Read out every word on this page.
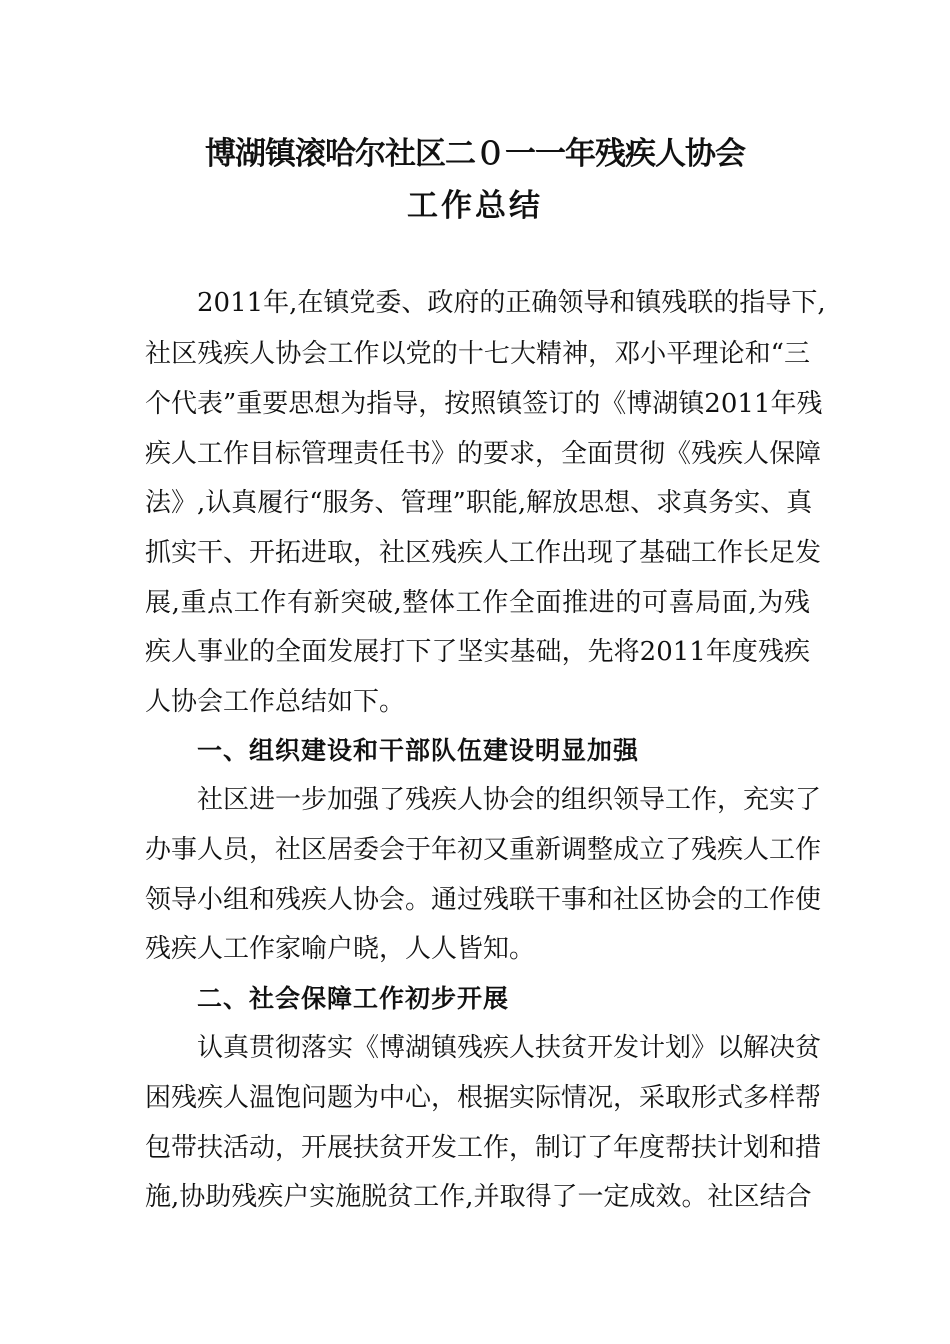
博湖镇滚哈尔社区二０一一年残疾人协会
工作总结
2011年,在镇党委、政府的正确领导和镇残联的指导下,
社区残疾人协会工作以党的十七大精神，邓小平理论和“三
个代表”重要思想为指导，按照镇签订的《博湖镇2011年残
疾人工作目标管理责任书》的要求，全面贯彻《残疾人保障
法》,认真履行“服务、管理”职能,解放思想、求真务实、真
抓实干、开拓进取，社区残疾人工作出现了基础工作长足发
展,重点工作有新突破,整体工作全面推进的可喜局面,为残
疾人事业的全面发展打下了坚实基础，先将2011年度残疾
人协会工作总结如下。
一、组织建设和干部队伍建设明显加强
社区进一步加强了残疾人协会的组织领导工作，充实了
办事人员，社区居委会于年初又重新调整成立了残疾人工作
领导小组和残疾人协会。通过残联干事和社区协会的工作使
残疾人工作家喻户晓，人人皆知。
二、社会保障工作初步开展
认真贯彻落实《博湖镇残疾人扶贫开发计划》以解决贫
困残疾人温饱问题为中心，根据实际情况，采取形式多样帮
包带扶活动，开展扶贫开发工作，制订了年度帮扶计划和措
施,协助残疾户实施脱贫工作,并取得了一定成效。社区结合
